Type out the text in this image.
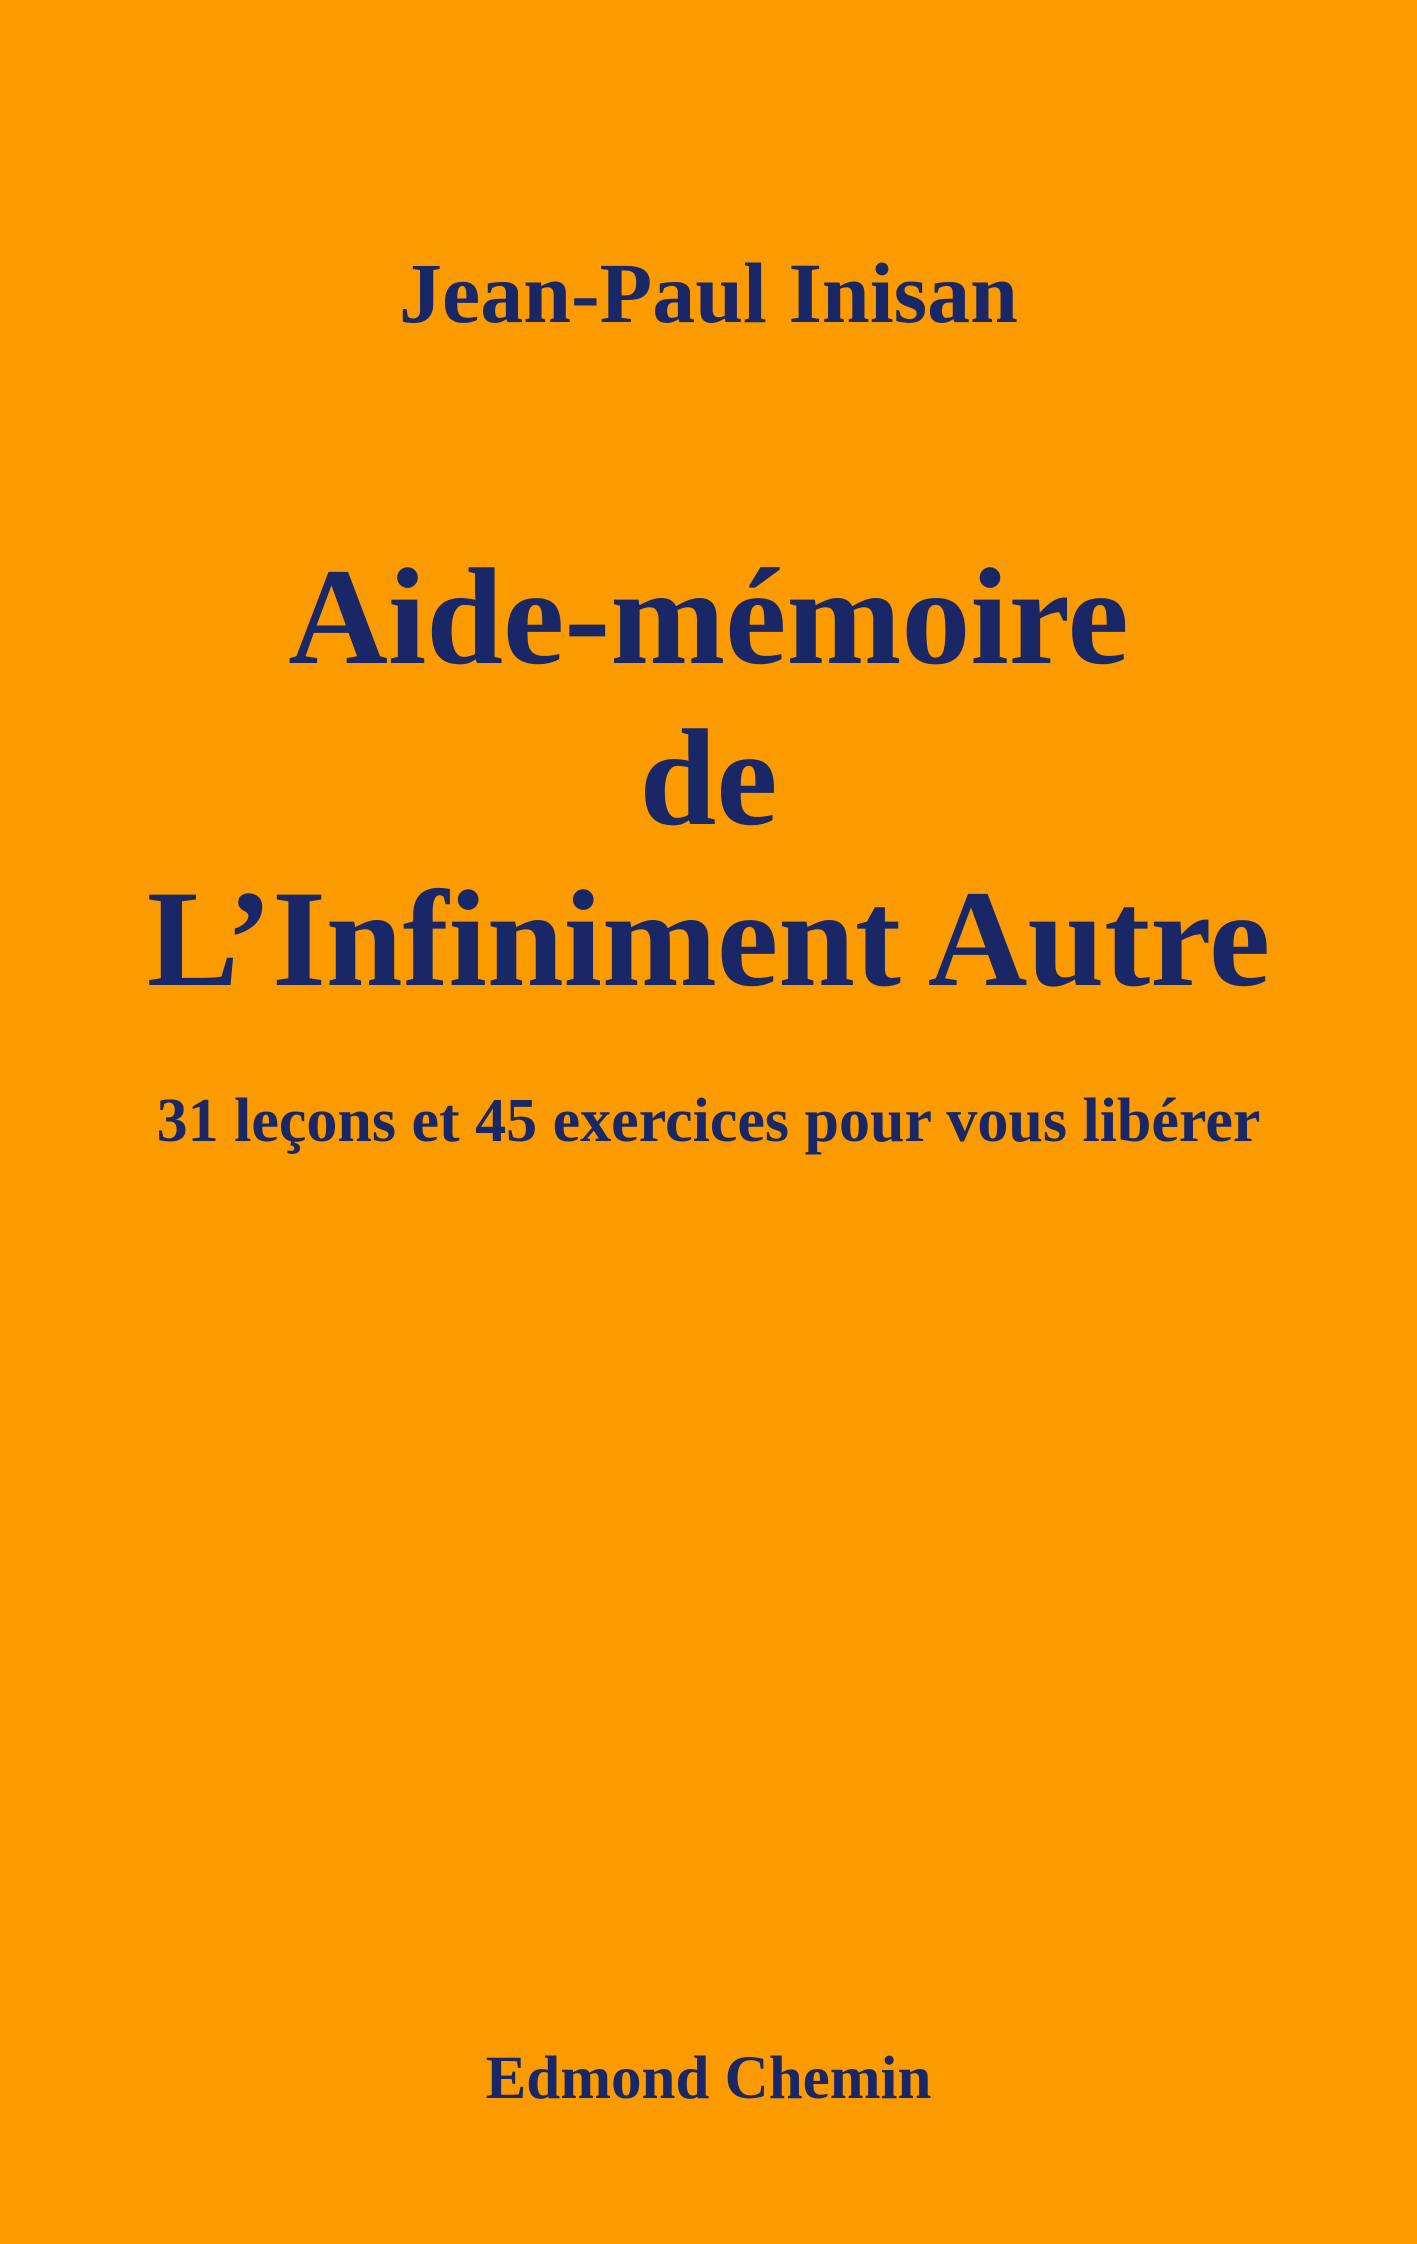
Jean-Paul Inisan
Aide-mémoire
de
L’Infiniment Autre
31 leçons et 45 exercices pour vous libérer
Edmond Chemin
